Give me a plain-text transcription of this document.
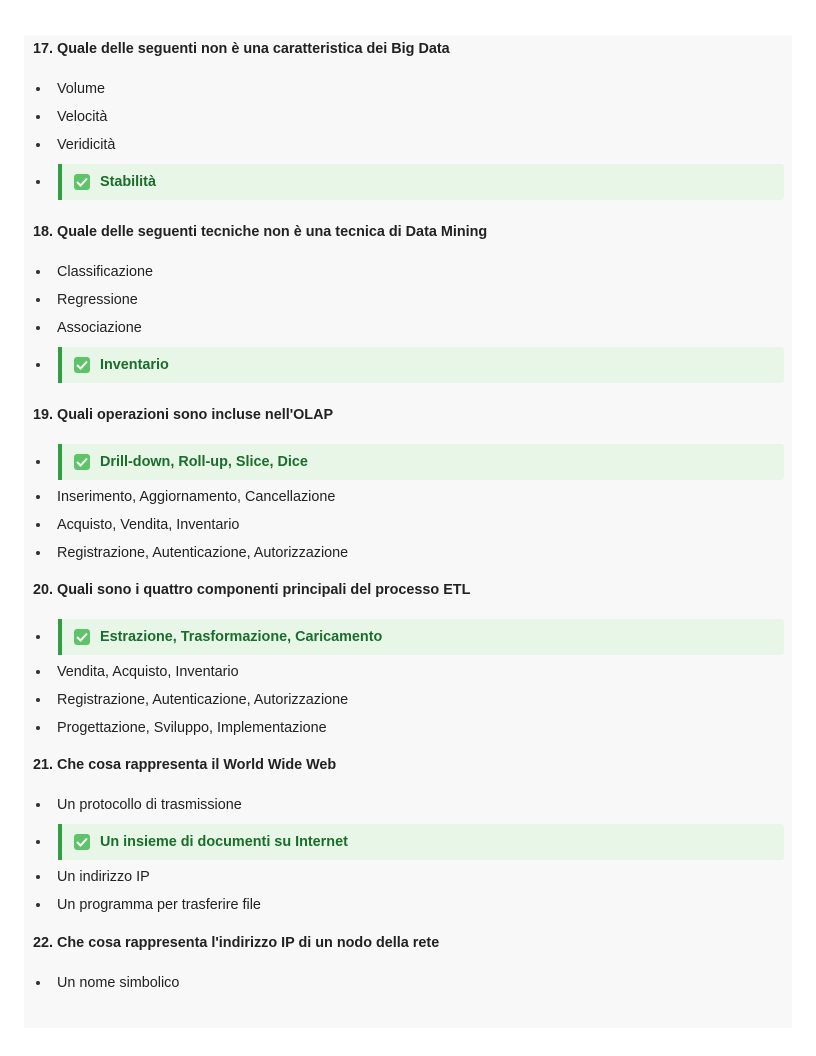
17. Quale delle seguenti non è una caratteristica dei Big Data
Volume
Velocità
Veridicità
Stabilità
18. Quale delle seguenti tecniche non è una tecnica di Data Mining
Classificazione
Regressione
Associazione
Inventario
19. Quali operazioni sono incluse nell'OLAP
Drill-down, Roll-up, Slice, Dice
Inserimento, Aggiornamento, Cancellazione
Acquisto, Vendita, Inventario
Registrazione, Autenticazione, Autorizzazione
20. Quali sono i quattro componenti principali del processo ETL
Estrazione, Trasformazione, Caricamento
Vendita, Acquisto, Inventario
Registrazione, Autenticazione, Autorizzazione
Progettazione, Sviluppo, Implementazione
21. Che cosa rappresenta il World Wide Web
Un protocollo di trasmissione
Un insieme di documenti su Internet
Un indirizzo IP
Un programma per trasferire file
22. Che cosa rappresenta l'indirizzo IP di un nodo della rete
Un nome simbolico
